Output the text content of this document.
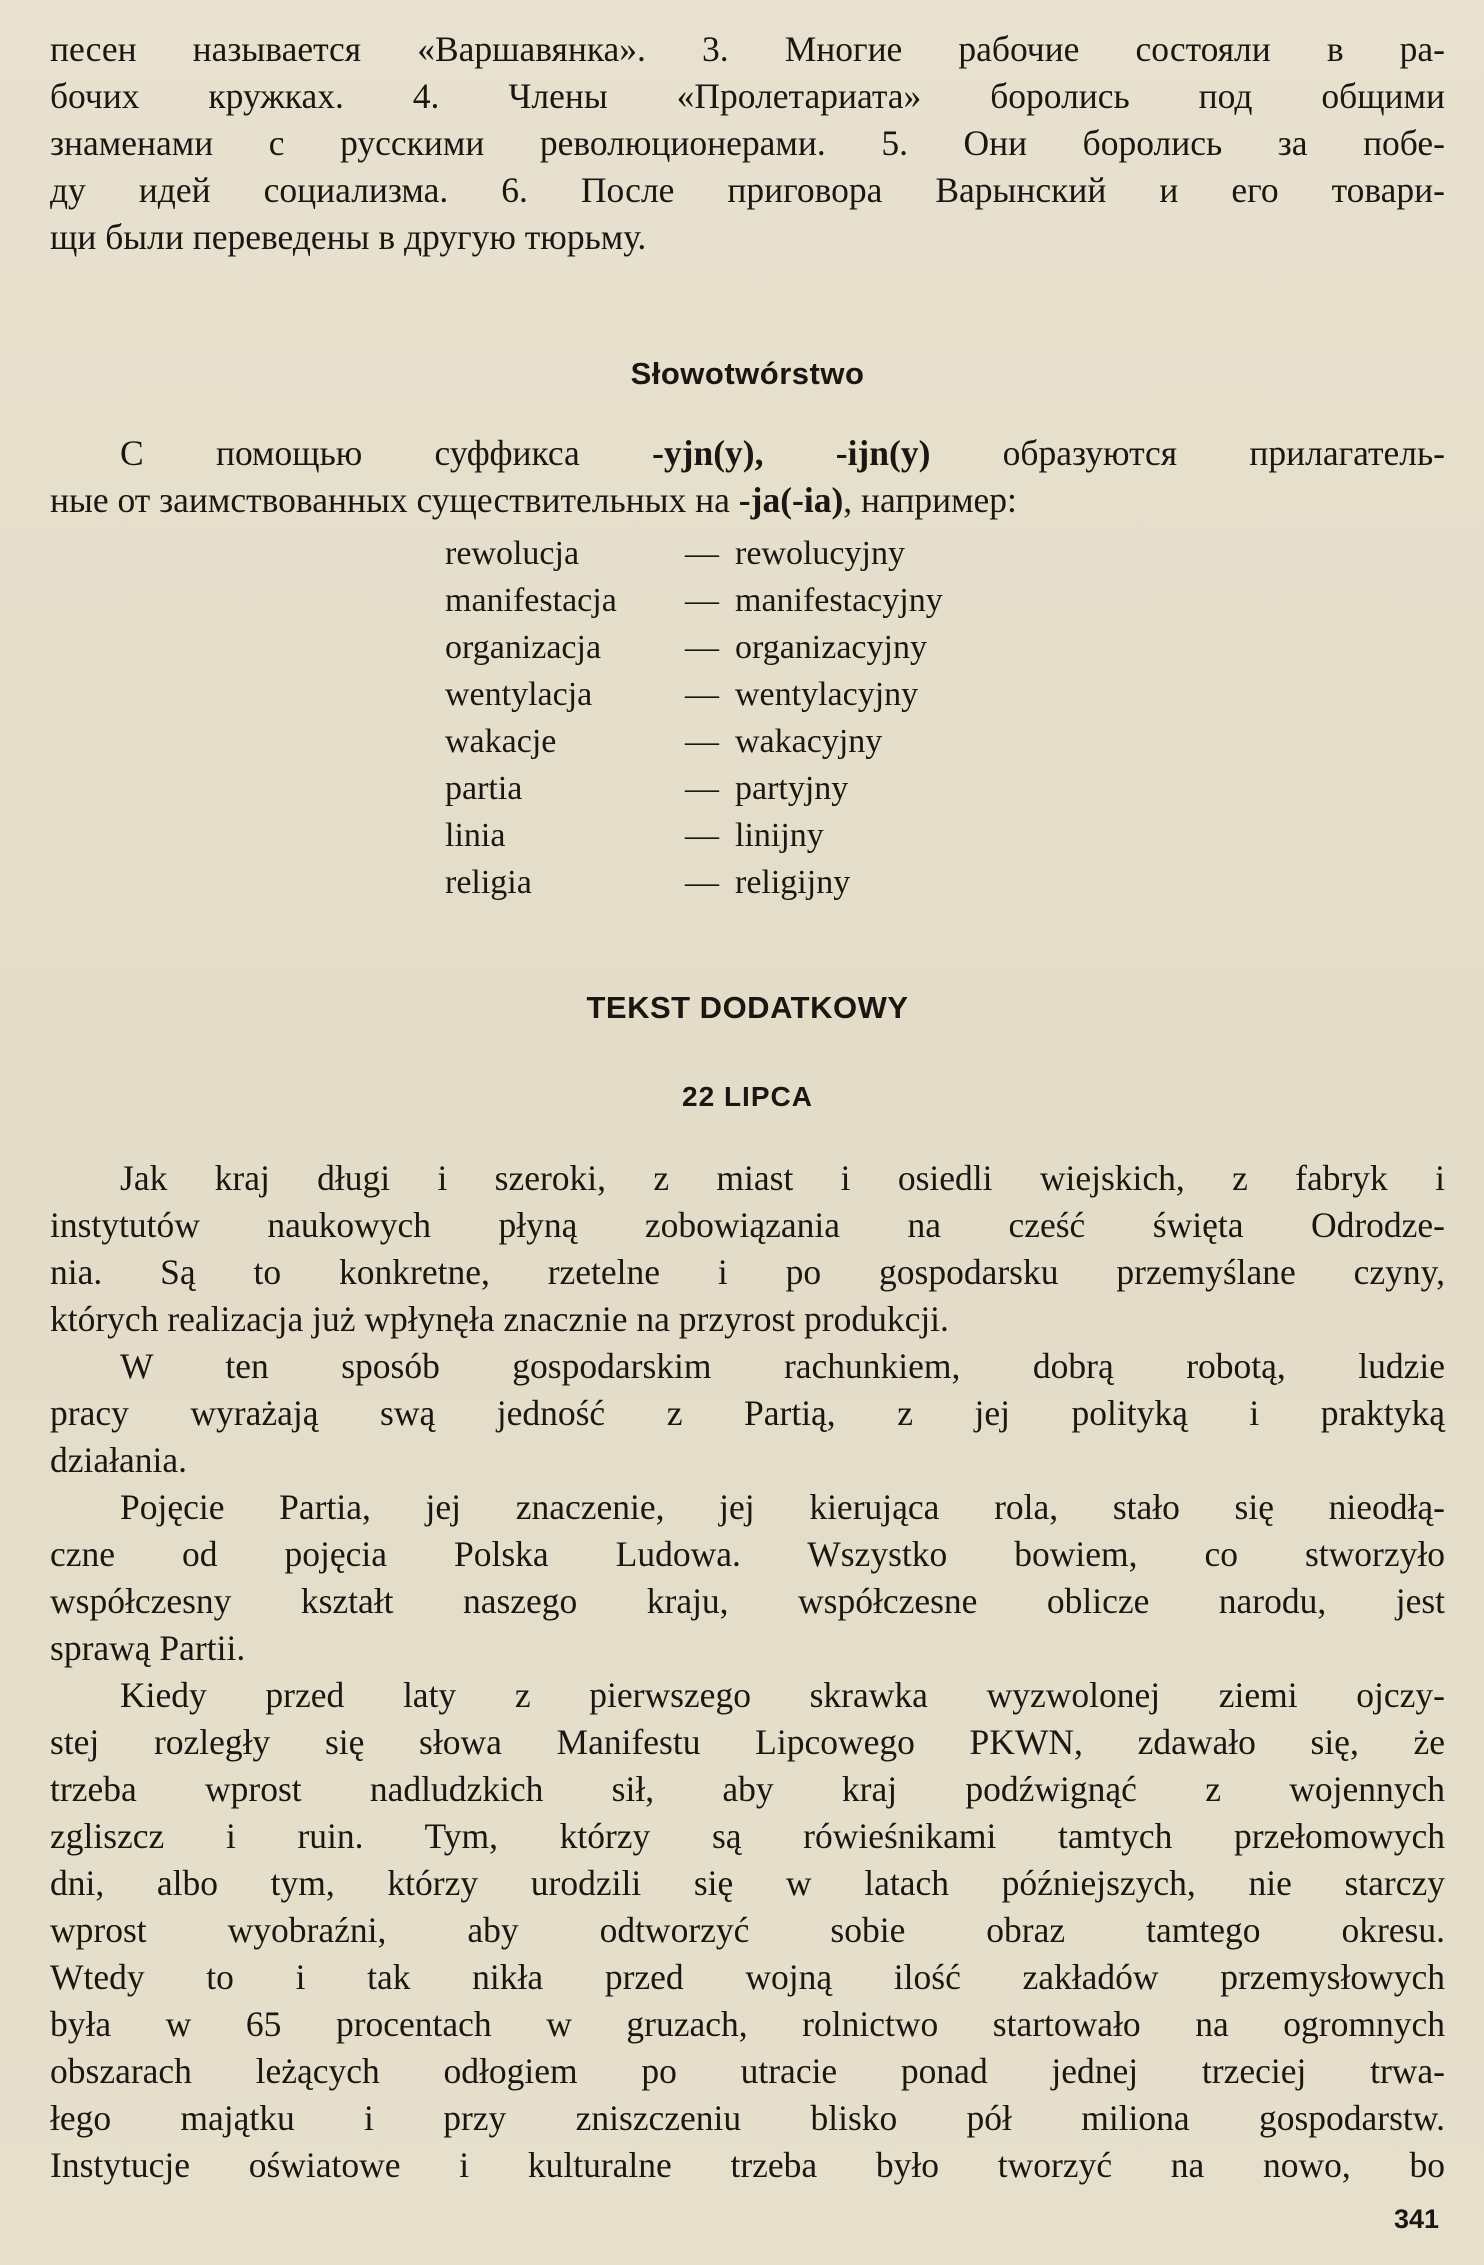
песен называется «Варшавянка». 3. Многие рабочие состояли в ра-
бочих кружках. 4. Члены «Пролетариата» боролись под общими
знаменами с русскими революционерами. 5. Они боролись за побе-
ду идей социализма. 6. После приговора Варынский и его товари-
щи были переведены в другую тюрьму.

Słowotwórstwo

С помощью суффикса -yjn(y), -ijn(y) образуются прилагатель-
ные от заимствованных существительных на -ja(-ia), например:

rewolucja	— rewolucyjny
manifestacja	— manifestacyjny
organizacja	— organizacyjny
wentylacja	— wentylacyjny
wakacje	— wakacyjny
partia	— partyjny
linia	— linijny
religia	— religijny
TEKST DODATKOWY
22 LIPCA

Jak kraj długi i szeroki, z miast i osiedli wiejskich, z fabryk i
instytutów naukowych płyną zobowiązania na cześć święta Odrodze-
nia. Są to konkretne, rzetelne i po gospodarsku przemyślane czyny,
których realizacja już wpłynęła znacznie na przyrost produkcji.

W ten sposób gospodarskim rachunkiem, dobrą robotą, ludzie
pracy wyrażają swą jedność z Partią, z jej polityką i praktyką
działania.

Pojęcie Partia, jej znaczenie, jej kierująca rola, stało się nieodłą-
czne od pojęcia Polska Ludowa. Wszystko bowiem, co stworzyło
współczesny kształt naszego kraju, współczesne oblicze narodu, jest
sprawą Partii.

Kiedy przed laty z pierwszego skrawka wyzwolonej ziemi ojczy-
stej rozległy się słowa Manifestu Lipcowego PKWN, zdawało się, że
trzeba wprost nadludzkich sił, aby kraj podźwignąć z wojennych
zgliszcz i ruin. Tym, którzy są rówieśnikami tamtych przełomowych
dni, albo tym, którzy urodzili się w latach późniejszych, nie starczy
wprost wyobraźni, aby odtworzyć sobie obraz tamtego okresu.
Wtedy to i tak nikła przed wojną ilość zakładów przemysłowych
była w 65 procentach w gruzach, rolnictwo startowało na ogromnych
obszarach leżących odłogiem po utracie ponad jednej trzeciej trwa-
łego majątku i przy zniszczeniu blisko pół miliona gospodarstw.
Instytucje oświatowe i kulturalne trzeba było tworzyć na nowo, bo

341
